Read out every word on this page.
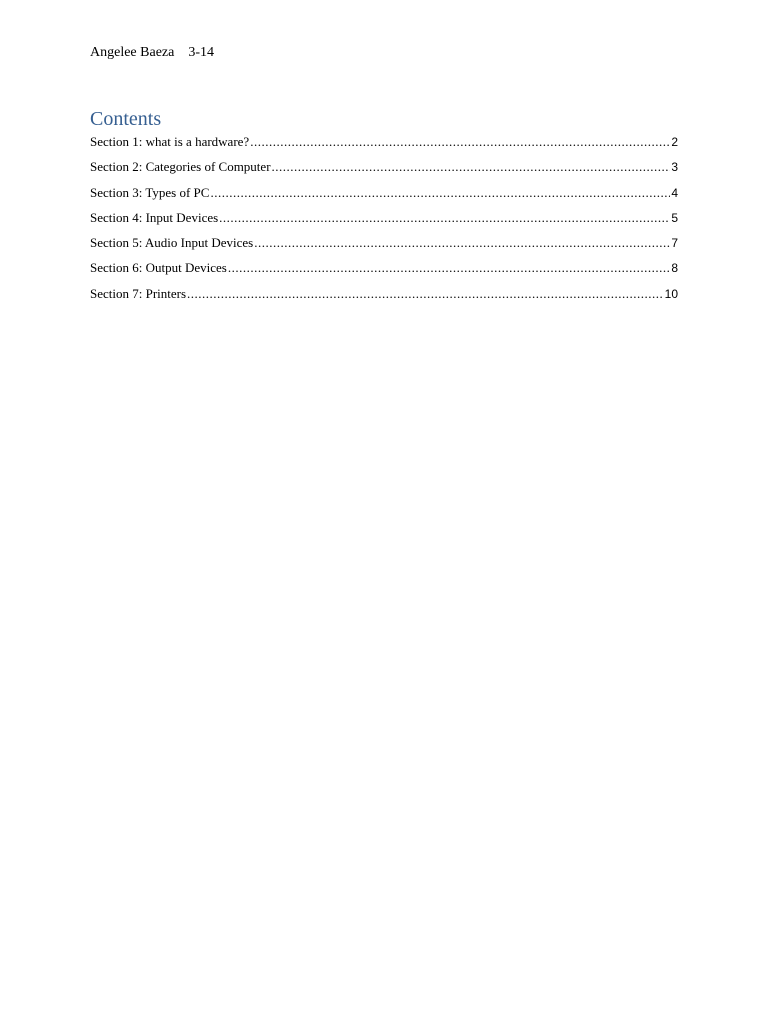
Angelee Baeza 3-14
Contents
Section 1: what is a hardware? .....	2
Section 2: Categories of Computer .....	3
Section 3: Types of PC .....	4
Section 4: Input Devices .....	5
Section 5: Audio Input Devices .....	7
Section 6: Output Devices .....	8
Section 7: Printers .....	10
